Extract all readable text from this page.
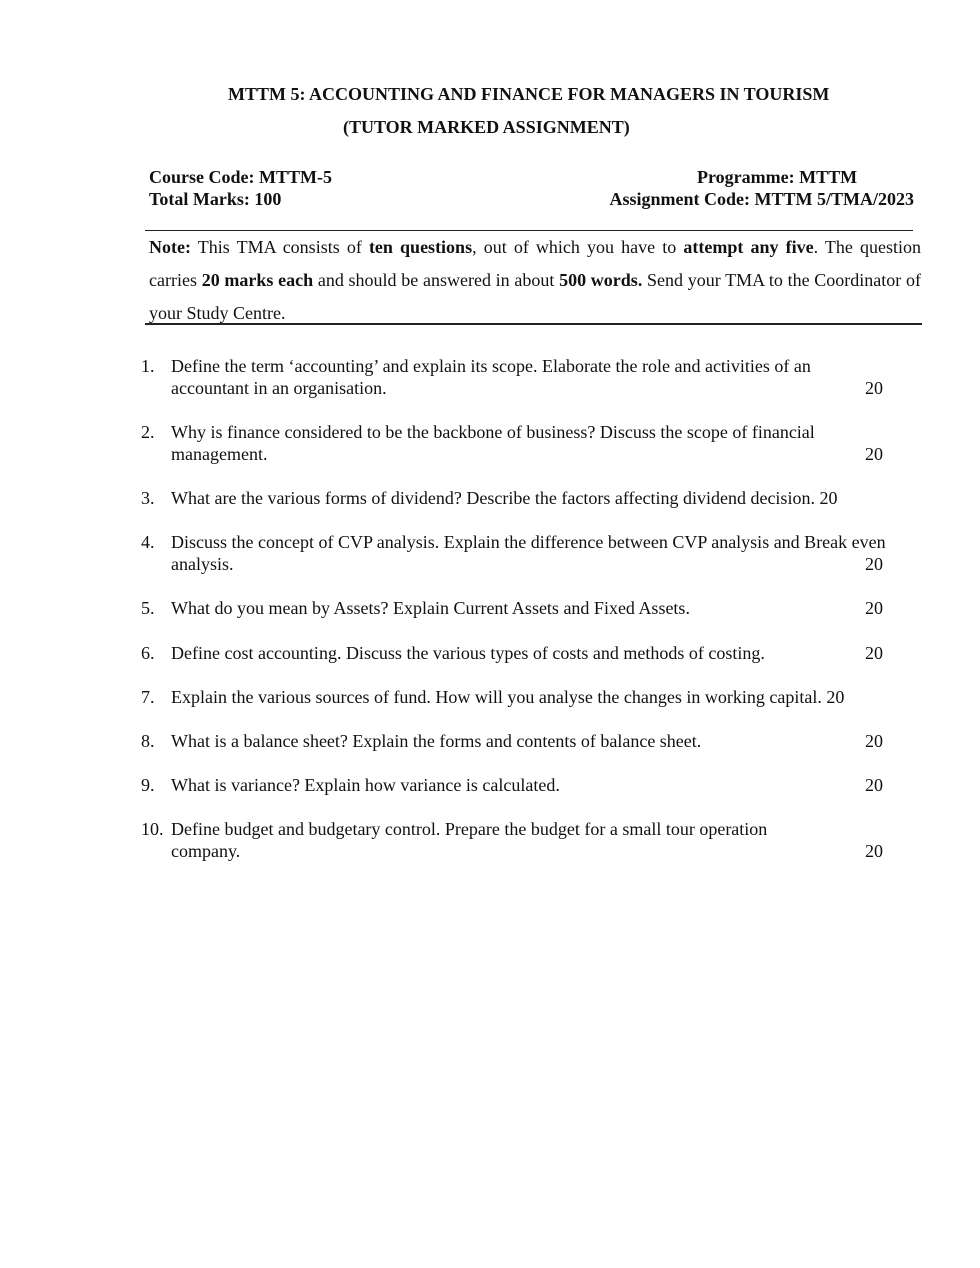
MTTM 5: ACCOUNTING AND FINANCE FOR MANAGERS IN TOURISM
(TUTOR MARKED ASSIGNMENT)
Course Code: MTTM-5
Total Marks: 100
Programme: MTTM
Assignment Code: MTTM 5/TMA/2023
Note: This TMA consists of ten questions, out of which you have to attempt any five. The question carries 20 marks each and should be answered in about 500 words. Send your TMA to the Coordinator of your Study Centre.
1. Define the term ‘accounting’ and explain its scope. Elaborate the role and activities of an accountant in an organisation.	20
2. Why is finance considered to be the backbone of business? Discuss the scope of financial management.	20
3. What are the various forms of dividend? Describe the factors affecting dividend decision. 20
4. Discuss the concept of CVP analysis. Explain the difference between CVP analysis and Break even analysis.	20
5. What do you mean by Assets? Explain Current Assets and Fixed Assets.	20
6. Define cost accounting. Discuss the various types of costs and methods of costing.	20
7. Explain the various sources of fund. How will you analyse the changes in working capital. 20
8. What is a balance sheet? Explain the forms and contents of balance sheet.	20
9. What is variance? Explain how variance is calculated.	20
10. Define budget and budgetary control. Prepare the budget for a small tour operation company.	20
